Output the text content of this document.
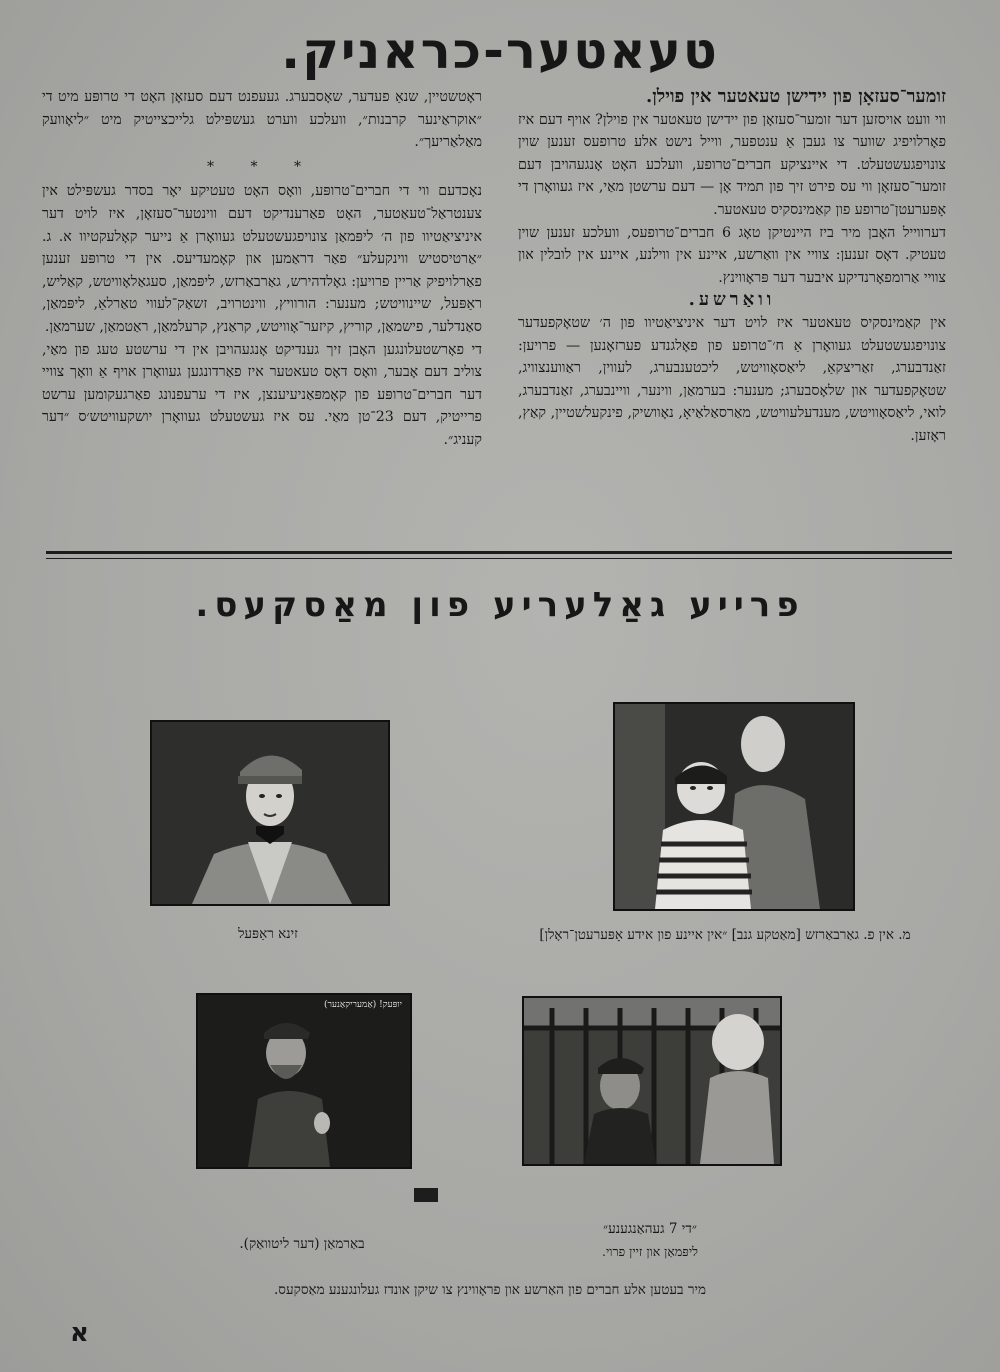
טעאטער-כראניק.

זומער־סעזאָן פון יידישן טעאטער אין פוילן.

ווי וועט אויסזען דער זומער־סעזאָן פון יידישן טעאטער אין פוילן? אויף דעם איז פאָרלויפיג שווער צו געבן אַ ענטפער, ווייל נישט אלע טרופעס זענען שוין צונויפגעשטעלט. די איינציקע חברים־טרופע, וועלכע האָט אָנגעהויבן דעם זומער־סעזאָן ווי עס פירט זיך פון תמיד אָן — דעם ערשטן מאַי, איז געוואָרן די אָפּערעטן־טרופע פון קאַמינסקיס טעאטער.

דערווייל האָבן מיר ביז היינטיקן טאָג 6 חברים־טרופעס, וועלכע זענען שוין טעטיק. דאָס זענען: צוויי אין וואַרשע, איינע אין ווילנע, איינע אין לובלין און צוויי אַרומפאָרנדיקע איבער דער פּראָווינץ.

וואַרשע.

אין קאַמינסקיס טעאטער איז לויט דער איניציאַטיוו פון ה׳ שטאָקפעדער צונויפגעשטעלט געוואָרן אַ ח׳־טרופע פון פאָלגנדע פערזאָנען — פרויען: זאַנדבערג, זאַריצקאַ, ליאַסאָוויטש, ליכטענבערג, לעווין, ראַווענצוויג, שטאָקפעדער און שלאָסבערג; מענער: בערמאַן, ווינער, וויינבערג, זאַנדבערג, לואי, ליאַסאָוויטש, מענדעלעוויטש, מאַרסאַלאַיאָ, נאָוושיק, פינקעלשטיין, קאַץ, ראָזען.

ראָטשטיין, שנאַ פעדער, שאָסבערג. געעפנט דעם סעזאָן האָט די טרופּע מיט די ״אוקראַינער קרבנות״, וועלכע ווערט געשפּילט גלייכצייטיק מיט ״ליאָוועק מאַלאַריעך״.

* * *

נאָכדעם ווי די חברים־טרופּע, וואָס האָט טעטיקע יאָר בסדר געשפּילט אין צענטראַל־טעאַטער, האָט פאַרענדיקט דעם ווינטער־סעזאָן, איז לויט דער איניציאַטיוו פון ה׳ ליפּמאַן צונויפגעשטעלט געוואָרן אַ נייער קאָלעקטיוו א. ג. ״אַרטיסטיש ווינקעלע״ פאַר דראַמען און קאָמעדיעס. אין די טרופּע זענען פאַרלויפיק אַריין פרויען: גאָלדהירש, גאַרבאַרזש, ליפּמאַן, סעגאַלאָוויטש, קאַליש, ראַפּעל, שיינוויטש; מענער: הורוויץ, ווינטרויב, זשאַק־לעווי טאַרלאַ, ליפּמאַן, סאַנדלער, פישמאַן, קוריץ, קיזער־אָוויטש, קראַנץ, קרעלמאַן, ראַטמאַן, שערמאַן.

די פאָרשטעלונגען האָבן זיך גענדיקט אָנגעהויבן אין די ערשטע טעג פון מאַי, צוליב דעם אָבער, וואָס דאָס טעאטער איז פאַרדונגען געוואָרן אויף אַ וואָך צוויי דער חברים־טרופּע פון קאָמפּאַניעיענצן, איז די ערעפנונג פאַרגעקומען ערשט פרייטיק, דעם 23־טן מאַי. עס איז געשטעלט געוואָרן יושקעוויטש׳ס ״דער קעניג״.

פרייע גאַלעריע פון מאַסקעס.
זינא ראַפּעל	מ. אין פ. גאַרבאַרזש [מאַטקע גנב] ״אין איינע פון אידע אָפּערעטן־ראָלן]
יופּעק! (אַמעריקאַנער)
באַרמאַן (דער ליטוואַק).
״די 7 געהאַנגענע״
ליפּמאַן און זיין פרוי.
מיר בעטען אלע חברים פון האַרשע און פראָווינץ צו שיקן אונדז געלונגענע מאַסקעס.
א
